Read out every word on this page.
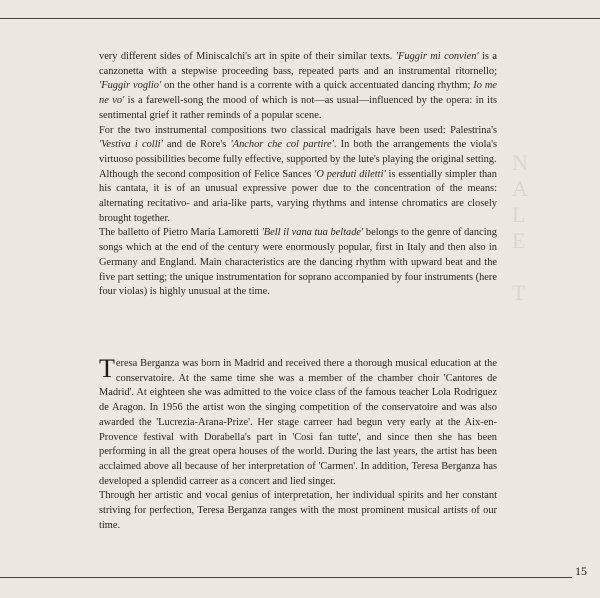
N
A
L
E

T

very different sides of Miniscalchi's art in spite of their similar texts. 'Fuggir mi convien' is a canzonetta with a stepwise proceeding bass, repeated parts and an instrumental ritornello; 'Fuggir voglio' on the other hand is a corrente with a quick accentuated dancing rhythm; Io me ne vo' is a farewell-song the mood of which is not—as usual—influenced by the opera: in its sentimental grief it rather reminds of a popular scene.

For the two instrumental compositions two classical madrigals have been used: Palestrina's 'Vestiva i colli' and de Rore's 'Anchor che col partire'. In both the arrangements the viola's virtuoso possibilities become fully effective, supported by the lute's playing the original setting.

Although the second composition of Felice Sances 'O perduti diletti' is essentially simpler than his cantata, it is of an unusual expressive power due to the concentration of the means: alternating recitativo- and aria-like parts, varying rhythms and intense chromatics are closely brought together.

The balletto of Pietro Maria Lamoretti 'Bell il vana tua beltade' belongs to the genre of dancing songs which at the end of the century were enormously popular, first in Italy and then also in Germany and England. Main characteristics are the dancing rhythm with upward beat and the five part setting; the unique instrumentation for soprano accompanied by four instruments (here four violas) is highly unusual at the time.

Teresa Berganza was born in Madrid and received there a thorough musical education at the conservatoire. At the same time she was a member of the chamber choir 'Cantores de Madrid'. At eighteen she was admitted to the voice class of the famous teacher Lola Rodriguez de Aragon. In 1956 the artist won the singing competition of the conservatoire and was also awarded the 'Lucrezia-Arana-Prize'. Her stage carreer had begun very early at the Aix-en-Provence festival with Dorabella's part in 'Così fan tutte', and since then she has been performing in all the great opera houses of the world. During the last years, the artist has been acclaimed above all because of her interpretation of 'Carmen'. In addition, Teresa Berganza has developed a splendid carreer as a concert and lied singer.

Through her artistic and vocal genius of interpretation, her individual spirits and her constant striving for perfection, Teresa Berganza ranges with the most prominent musical artists of our time.

15
